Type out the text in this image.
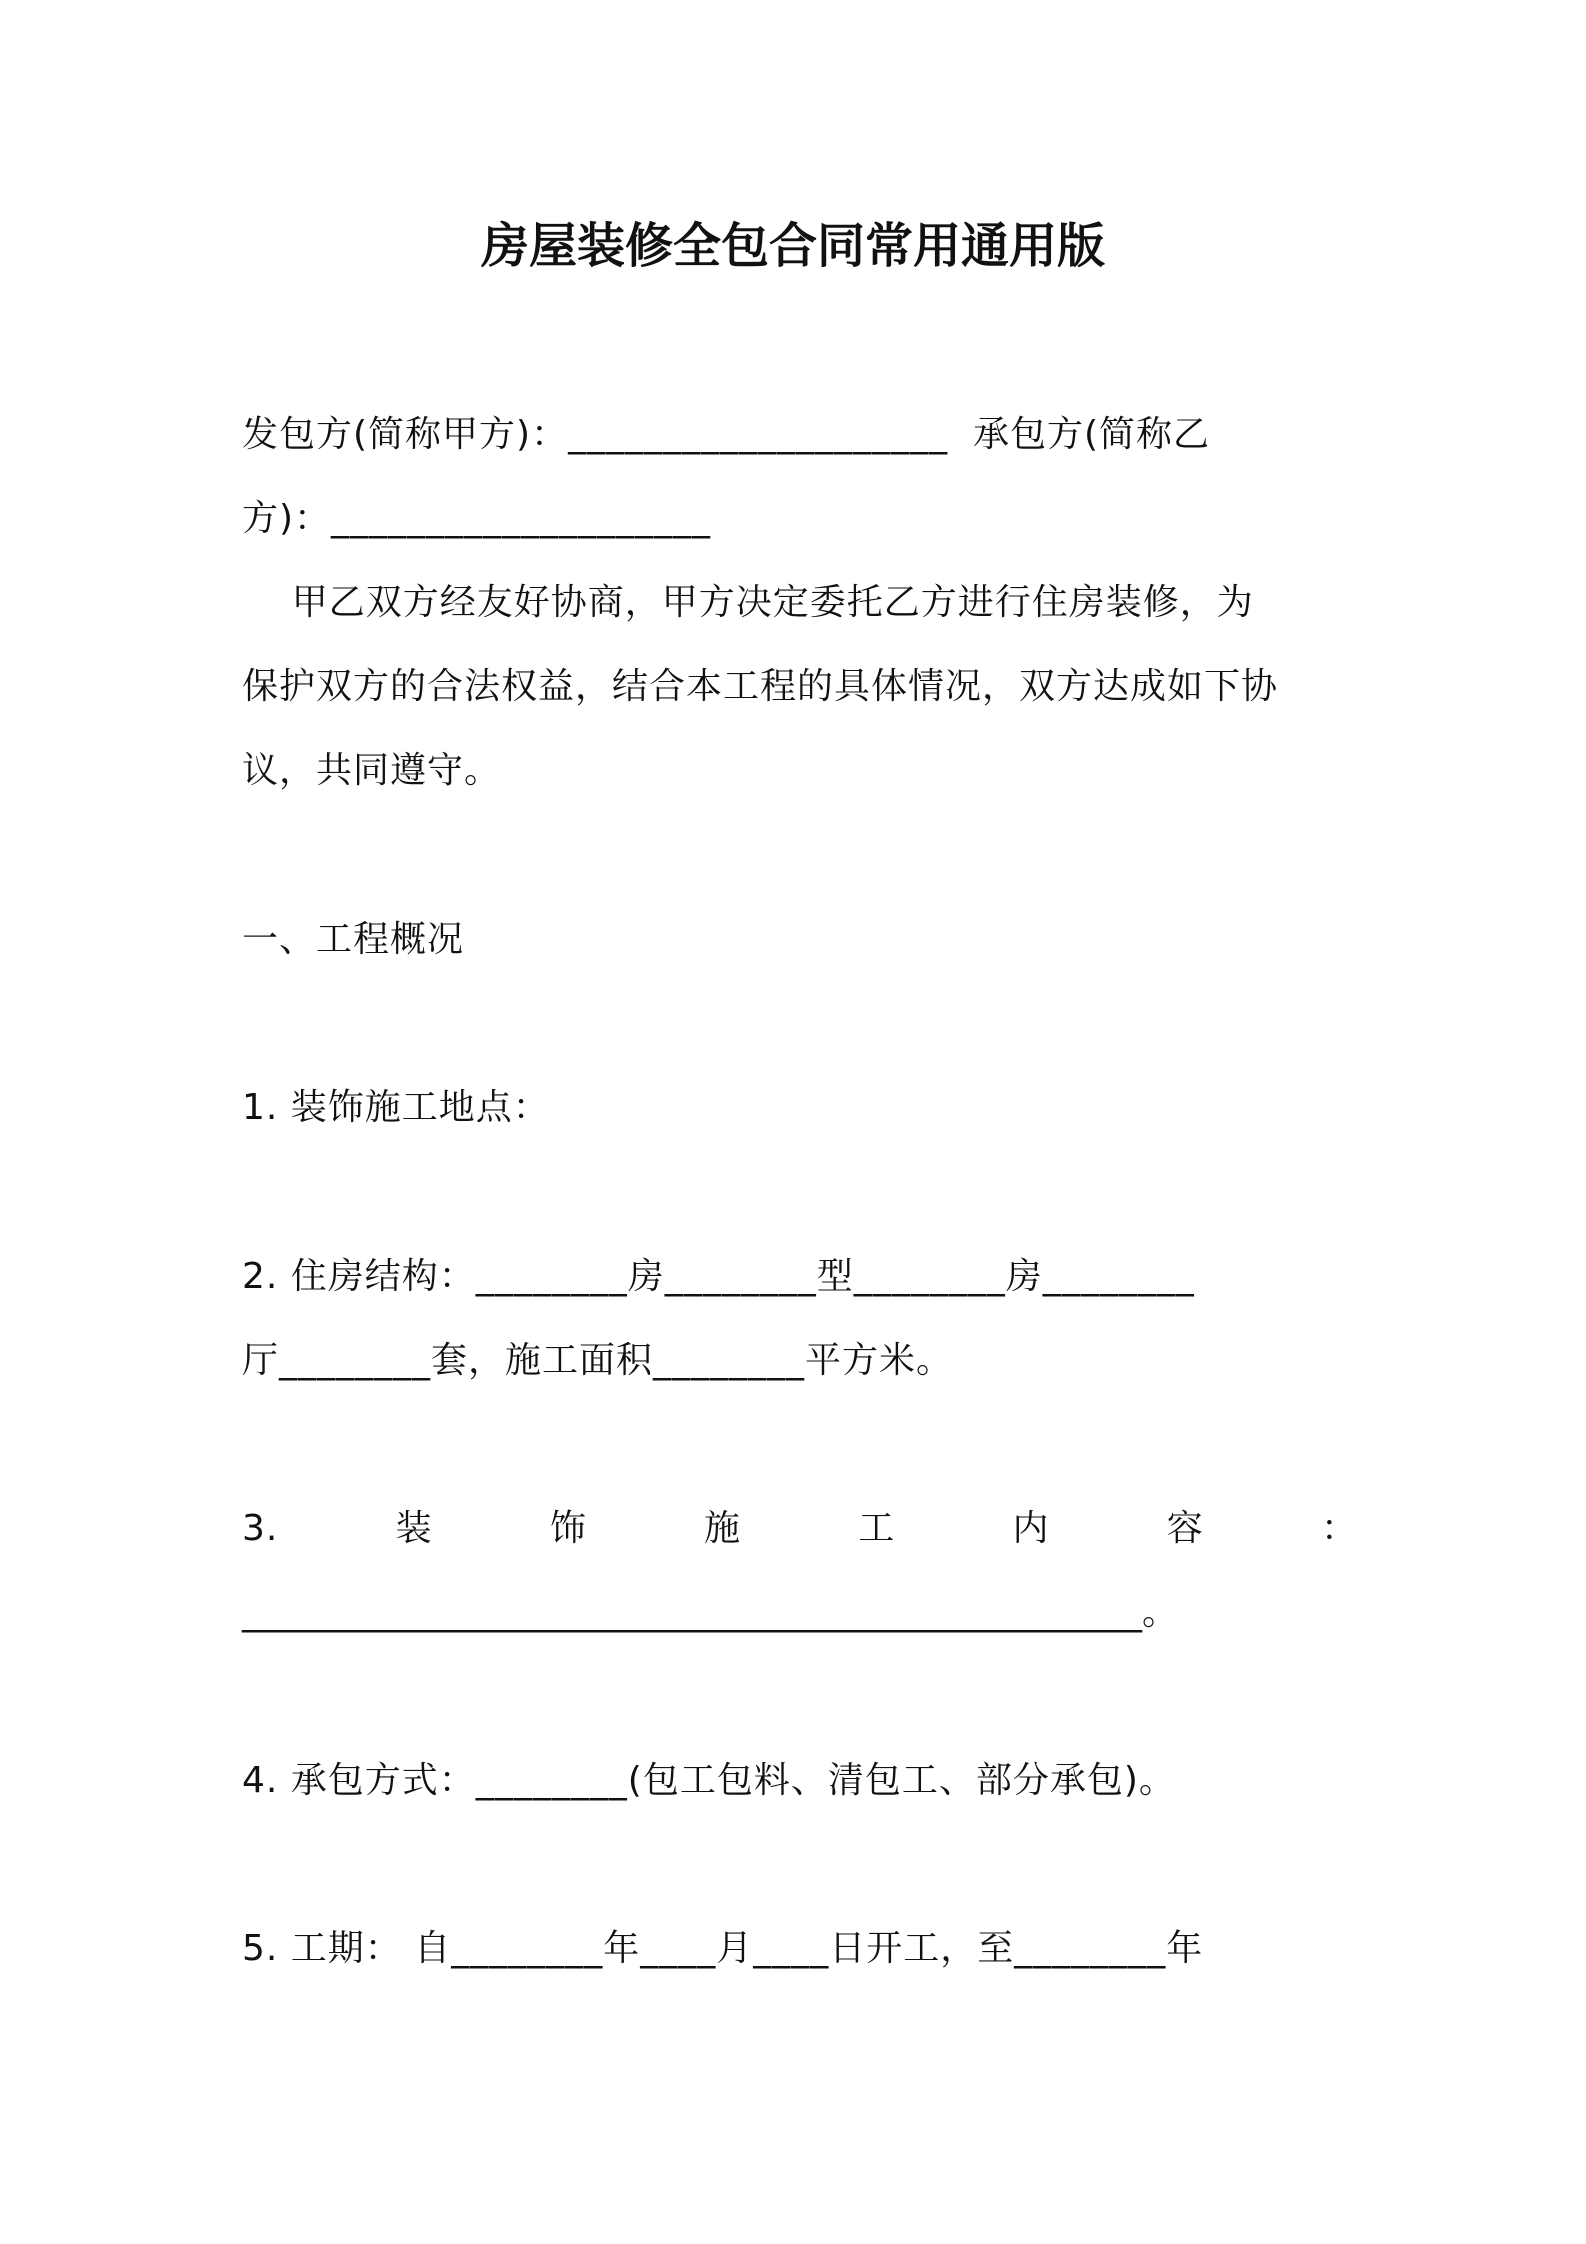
房屋装修全包合同常用通用版
发包方(简称甲方)：____________________  承包方(简称乙
方)：____________________
甲乙双方经友好协商，甲方决定委托乙方进行住房装修，为
保护双方的合法权益，结合本工程的具体情况，双方达成如下协
议，共同遵守。
一、工程概况
1. 装饰施工地点：
2. 住房结构：________房________型________房________
厅________套，施工面积________平方米。
3.	装	饰	施	工	内	容	：
__________________________________________________。
4. 承包方式：________(包工包料、清包工、部分承包)。
5. 工期： 自________年____月____日开工，至________年
